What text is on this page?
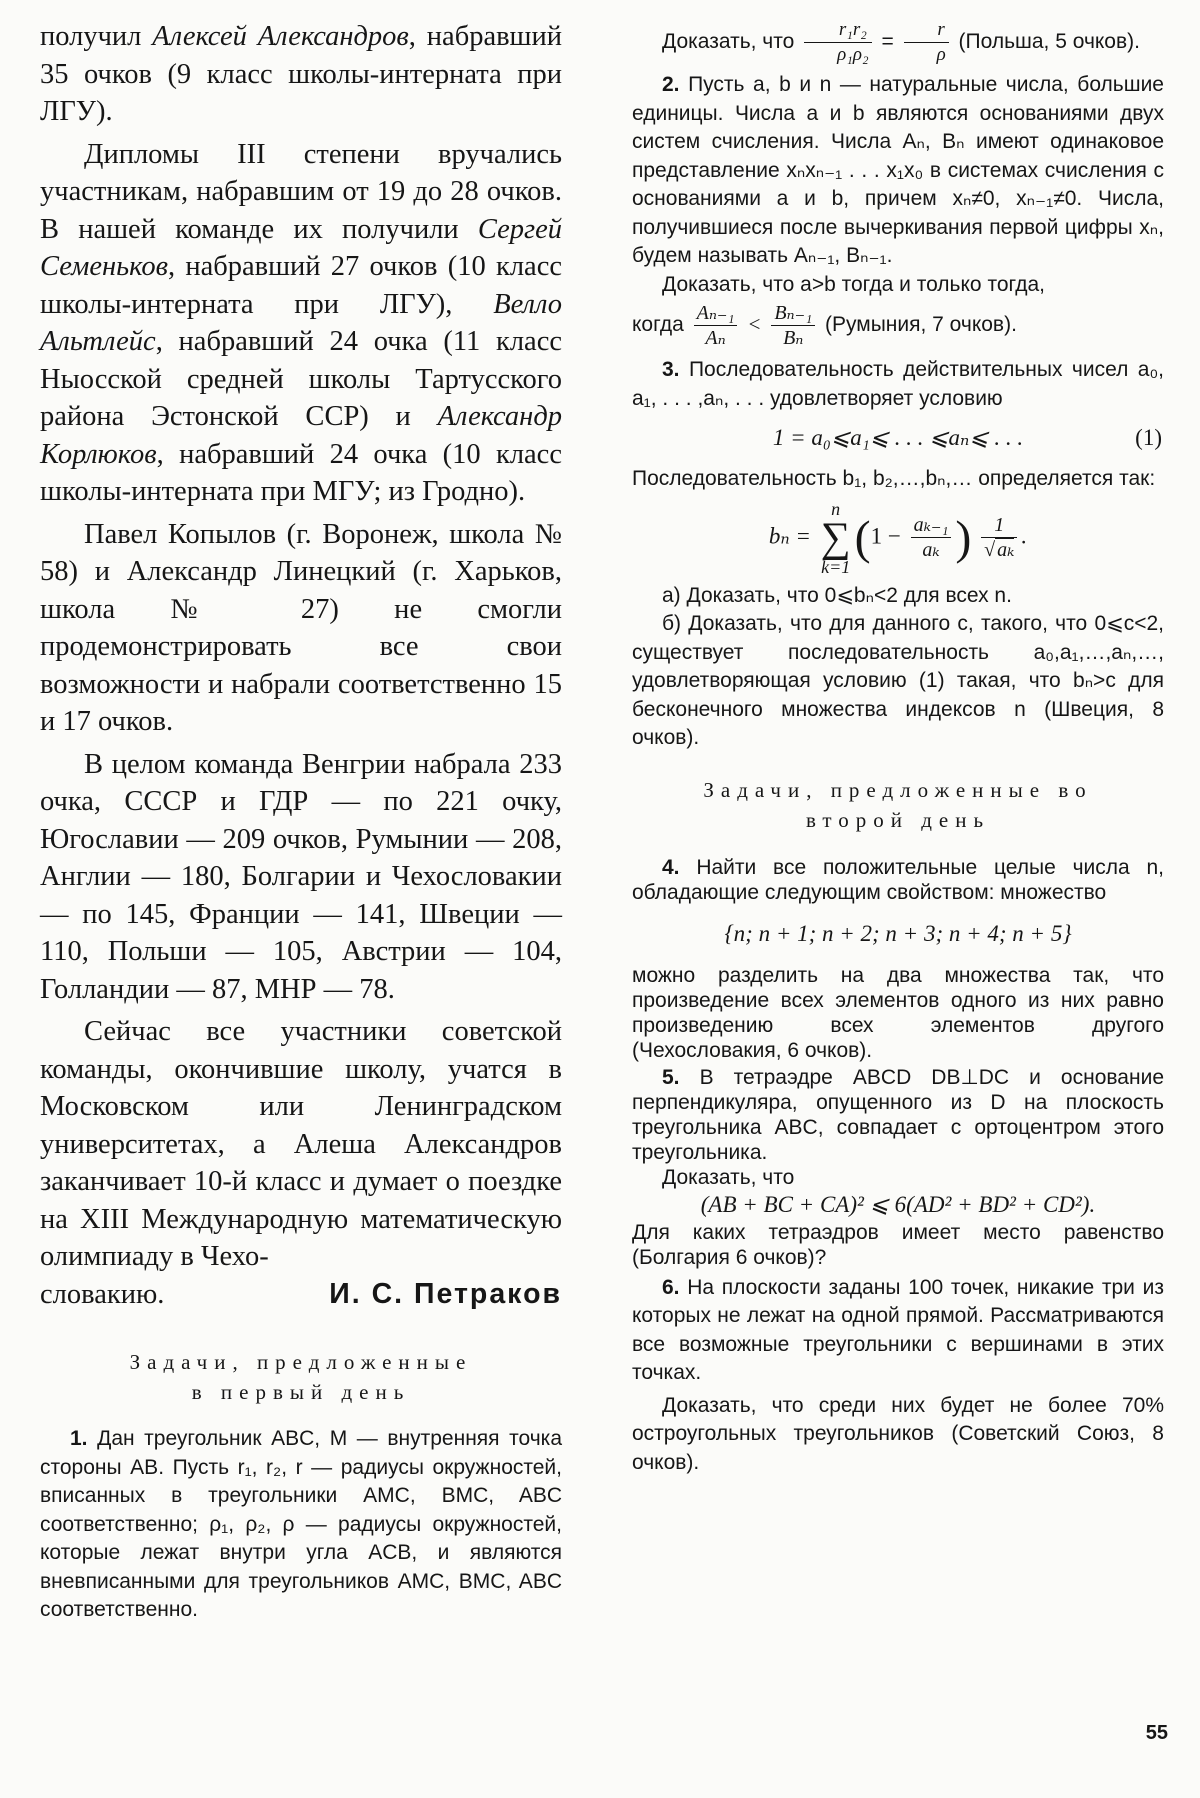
получил Алексей Александров, набравший 35 очков (9 класс школы-интерната при ЛГУ).

Дипломы III степени вручались участникам, набравшим от 19 до 28 очков. В нашей команде их получили Сергей Семеньков, набравший 27 очков (10 класс школы-интерната при ЛГУ), Велло Альтлейс, набравший 24 очка (11 класс Ныосской средней школы Тартусского района Эстонской ССР) и Александр Корлюков, набравший 24 очка (10 класс школы-интерната при МГУ; из Гродно).

Павел Копылов (г. Воронеж, школа № 58) и Александр Линецкий (г. Харьков, школа № 27) не смогли продемонстрировать все свои возможности и набрали соответственно 15 и 17 очков.

В целом команда Венгрии набрала 233 очка, СССР и ГДР — по 221 очку, Югославии — 209 очков, Румынии — 208, Англии — 180, Болгарии и Чехословакии — по 145, Франции — 141, Швеции — 110, Польши — 105, Австрии — 104, Голландии — 87, МНР — 78.

Сейчас все участники советской команды, окончившие школу, учатся в Московском или Ленинградском университетах, а Алеша Александров заканчивает 10-й класс и думает о поездке на XIII Международную математическую олимпиаду в Чехо-

словакию.	И. С. Петраков

Задачи, предложенные
в первый день

1. Дан треугольник ABC, M — внутренняя точка стороны AB. Пусть r₁, r₂, r — радиусы окружностей, вписанных в треугольники AMC, BMC, ABC соответственно; ρ₁, ρ₂, ρ — радиусы окружностей, которые лежат внутри угла ACB, и являются вневписанными для треугольников AMC, BMC, ABC соответственно.

Доказать, что $\frac{\text{r₁r₂}}{\text{ρ₁ρ₂}} = \frac{r}{\rho}$ (Польша, 5 очков).

2. Пусть a, b и n — натуральные числа, большие единицы. Числа a и b являются основаниями двух систем счисления. Числа Aₙ, Bₙ имеют одинаковое представление xₙxₙ₋₁ . . . x₁x₀ в системах счисления с основаниями a и b, причем xₙ≠0, xₙ₋₁≠0. Числа, получившиеся после вычеркивания первой цифры xₙ, будем называть Aₙ₋₁, Bₙ₋₁.

Доказать, что a>b тогда и только тогда,

когда $\frac{\text{Aₙ₋₁}}{\text{Aₙ}} < \frac{\text{Bₙ₋₁}}{\text{Bₙ}}$ (Румыния, 7 очков).

3. Последовательность действительных чисел a₀, a₁, . . . ,aₙ, . . . удовлетворяет условию

1 = a₀⩽a₁⩽ . . . ⩽aₙ⩽ . . .	(1)

Последовательность b₁, b₂,…,bₙ,… определяется так:

bₙ =
n
∑
k=1
($1 - \frac{\text{aₖ₋₁}}{\text{aₖ}}$ ) $\frac{1}{\text{√ aₖ}}$ .

а) Доказать, что 0⩽bₙ<2 для всех n.

б) Доказать, что для данного c, такого, что 0⩽c<2, существует последовательность a₀,a₁,…,aₙ,…, удовлетворяющая условию (1) такая, что bₙ>c для бесконечного множества индексов n (Швеция, 8 очков).

Задачи, предложенные во
второй день

4. Найти все положительные целые числа n, обладающие следующим свойством: множество

{n; n + 1; n + 2; n + 3; n + 4; n + 5}

можно разделить на два множества так, что произведение всех элементов одного из них равно произведению всех элементов другого (Чехословакия, 6 очков).

5. В тетраэдре ABCD DB⊥DC и основание перпендикуляра, опущенного из D на плоскость треугольника ABC, совпадает с ортоцентром этого треугольника.

Доказать, что

(AB + BC + CA)² ⩽ 6(AD² + BD² + CD²).

Для каких тетраэдров имеет место равенство (Болгария 6 очков)?

6. На плоскости заданы 100 точек, никакие три из которых не лежат на одной прямой. Рассматриваются все возможные треугольники с вершинами в этих точках.

Доказать, что среди них будет не более 70% остроугольных треугольников (Советский Союз, 8 очков).

55
